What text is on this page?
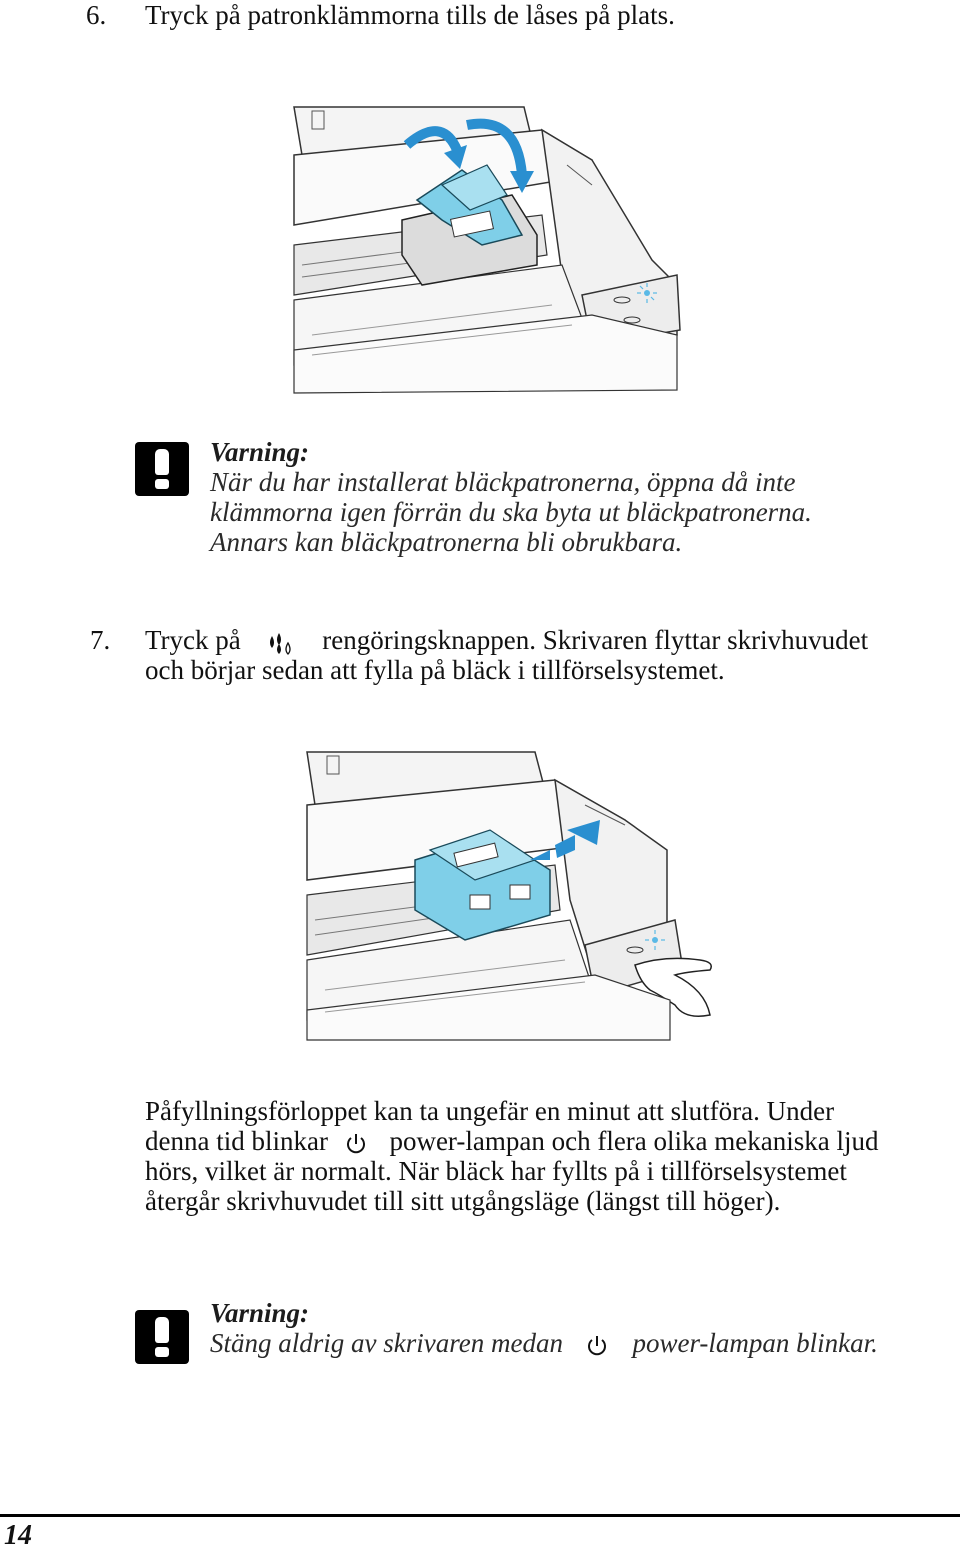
6. Tryck på patronklämmorna tills de låses på plats.
Varning:
När du har installerat bläckpatronerna, öppna då inte
klämmorna igen förrän du ska byta ut bläckpatronerna.
Annars kan bläckpatronerna bli obrukbara.
7. Tryck på	rengöringsknappen. Skrivaren flyttar skrivhuvudet
och börjar sedan att fylla på bläck i tillförselsystemet.
Påfyllningsförloppet kan ta ungefär en minut att slutföra. Under
denna tid blinkar power-lampan och flera olika mekaniska ljud
hörs, vilket är normalt. När bläck har fyllts på i tillförselsystemet
återgår skrivhuvudet till sitt utgångsläge (längst till höger).
Varning:
Stäng aldrig av skrivaren medan	power-lampan blinkar.
14
